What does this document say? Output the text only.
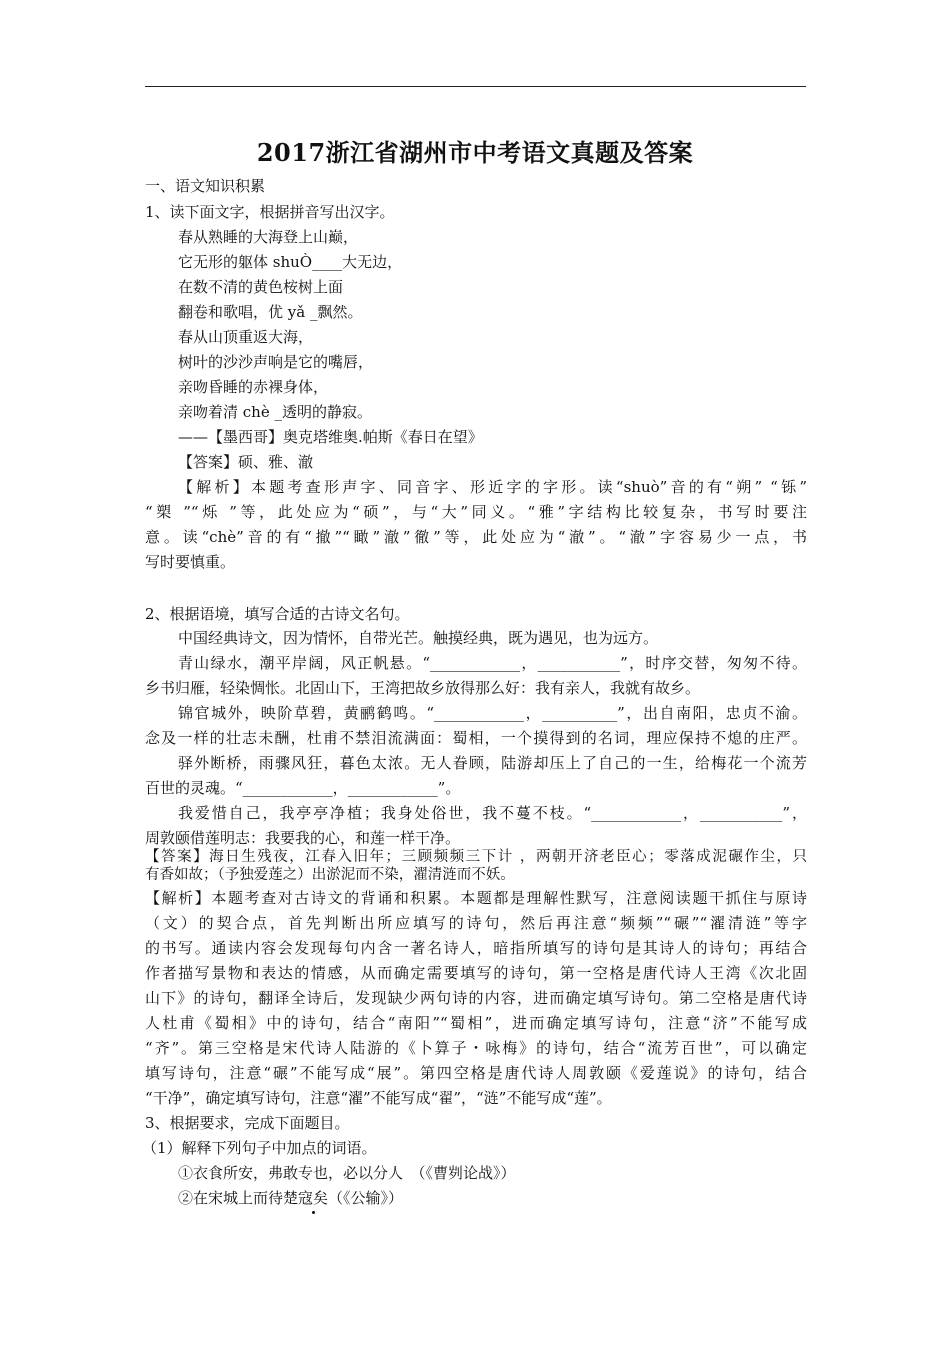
2017浙江省湖州市中考语文真题及答案
一、语文知识积累
1、读下面文字，根据拼音写出汉字。
春从熟睡的大海登上山巅，
它无形的躯体 shuÒ____大无边，
在数不清的黄色桉树上面
翻卷和歌唱，优 yǎ _飘然。
春从山顶重返大海，
树叶的沙沙声响是它的嘴唇，
亲吻昏睡的赤裸身体，
亲吻着清 chè _透明的静寂。
——【墨西哥】奥克塔维奥.帕斯《春日在望》
【答案】硕、雅、澈
【解析】本题考查形声字、同音字、形近字的字形。读“shuò”音的有“朔” “铄”
“槊 ”“烁 ”等，此处应为“硕”，与“大”同义。“雅”字结构比较复杂，书写时要注
意。读“chè”音的有“撤”“瞰”澈”徹”等，此处应为“澈”。“澈”字容易少一点，书
写时要慎重。
2、根据语境，填写合适的古诗文名句。
中国经典诗文，因为情怀，自带光芒。触摸经典，既为遇见，也为远方。
青山绿水，潮平岸阔，风正帆悬。“____________，___________”，时序交替，匆匆不待。
乡书归雁，轻染惆怅。北固山下，王湾把故乡放得那么好：我有亲人，我就有故乡。
锦官城外，映阶草碧，黄鹂鹤鸣。“____________，__________”，出自南阳，忠贞不渝。
念及一样的壮志未酬，杜甫不禁泪流满面：蜀相，一个摸得到的名词，理应保持不熄的庄严。
驿外断桥，雨骤风狂，暮色太浓。无人眷顾，陆游却压上了自己的一生，给梅花一个流芳
百世的灵魂。“____________，____________”。
我爱惜自己，我亭亭净植；我身处俗世，我不蔓不枝。“____________，___________”，
周敦颐借莲明志：我要我的心，和莲一样干净。
【答案】海日生残夜，江春入旧年；三顾频频三下计 ，两朝开济老臣心；零落成泥碾作尘，只
有香如故；（予独爱莲之）出淤泥而不染，濯清涟而不妖。
【解析】本题考查对古诗文的背诵和积累。本题都是理解性默写，注意阅读题干抓住与原诗
（文）的契合点，首先判断出所应填写的诗句，然后再注意“频频”“碾”“濯清涟”等字
的书写。通读内容会发现每句内含一著名诗人，暗指所填写的诗句是其诗人的诗句；再结合
作者描写景物和表达的情感，从而确定需要填写的诗句，第一空格是唐代诗人王湾《次北固
山下》的诗句，翻译全诗后，发现缺少两句诗的内容，进而确定填写诗句。第二空格是唐代诗
人杜甫《蜀相》中的诗句，结合“南阳”“蜀相”，进而确定填写诗句，注意“济”不能写成
“齐”。第三空格是宋代诗人陆游的《卜算子・咏梅》的诗句，结合“流芳百世”，可以确定
填写诗句，注意“碾”不能写成“展”。第四空格是唐代诗人周敦颐《爱莲说》的诗句，结合
“干净”，确定填写诗句，注意“濯”不能写成“翟”，“涟”不能写成“莲”。
3、根据要求，完成下面题目。
（1）解释下列句子中加点的词语。
①衣食所安，弗敢专也，必以分人　（《曹刿论战》）
②在宋城上而待楚寇矣（《公输》）
